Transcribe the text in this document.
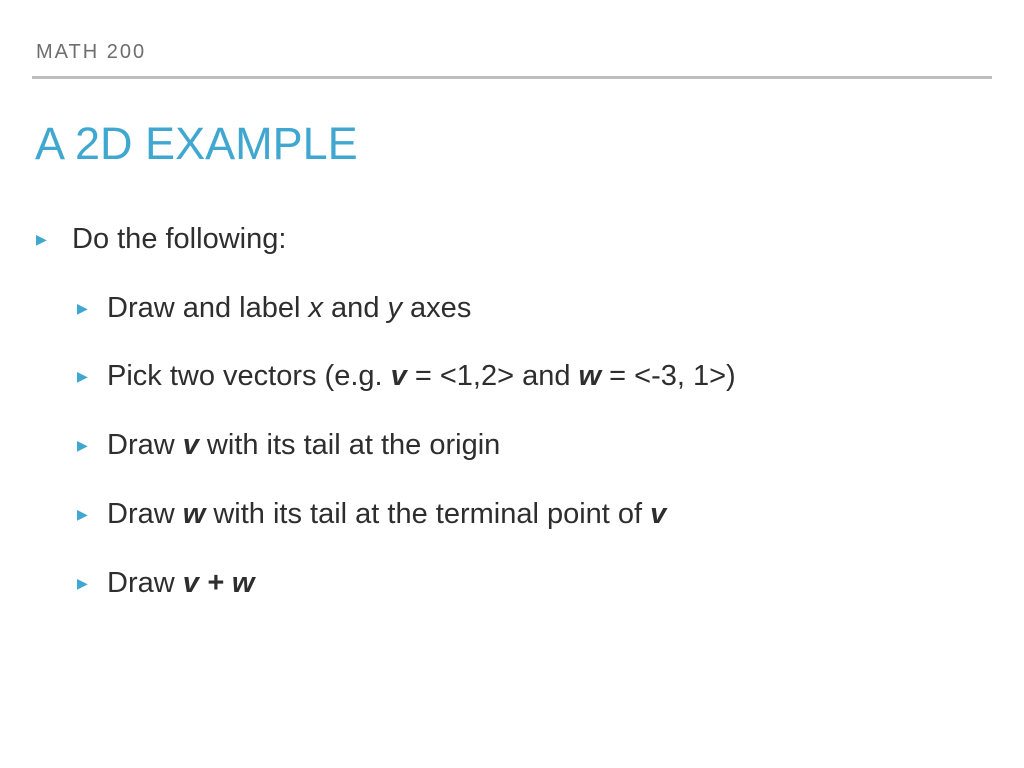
MATH 200
A 2D EXAMPLE
▶ Do the following:
▶ Draw and label x and y axes
▶ Pick two vectors (e.g. v = <1,2> and w = <-3, 1>)
▶ Draw v with its tail at the origin
▶ Draw w with its tail at the terminal point of v
▶ Draw v + w
